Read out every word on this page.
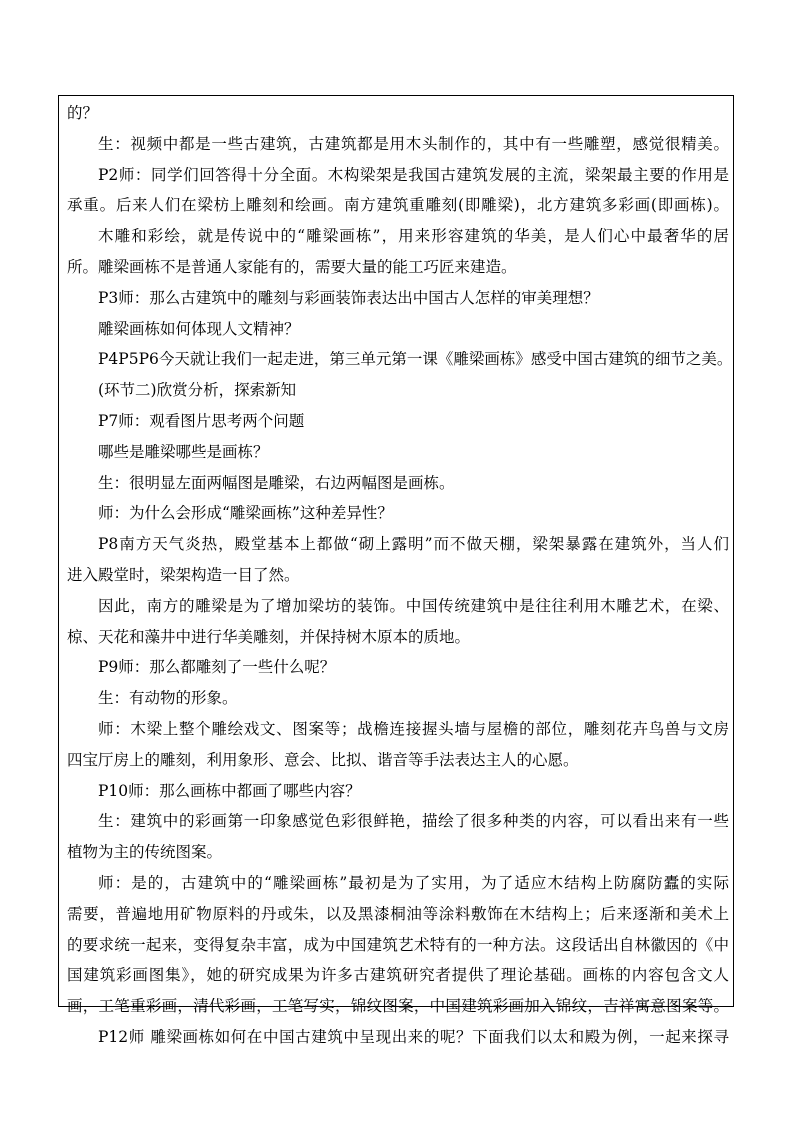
的？
生：视频中都是一些古建筑，古建筑都是用木头制作的，其中有一些雕塑，感觉很精美。
P2师：同学们回答得十分全面。木构梁架是我国古建筑发展的主流，梁架最主要的作用是
承重。后来人们在梁枋上雕刻和绘画。南方建筑重雕刻(即雕梁)，北方建筑多彩画(即画栋)。
木雕和彩绘，就是传说中的“雕梁画栋”，用来形容建筑的华美，是人们心中最奢华的居
所。雕梁画栋不是普通人家能有的，需要大量的能工巧匠来建造。
P3师：那么古建筑中的雕刻与彩画装饰表达出中国古人怎样的审美理想？
雕梁画栋如何体现人文精神？
P4P5P6今天就让我们一起走进，第三单元第一课《雕梁画栋》感受中国古建筑的细节之美。
(环节二)欣赏分析，探索新知
P7师：观看图片思考两个问题
哪些是雕梁哪些是画栋？
生：很明显左面两幅图是雕梁，右边两幅图是画栋。
师：为什么会形成“雕梁画栋”这种差异性？
P8南方天气炎热，殿堂基本上都做“砌上露明”而不做天棚，梁架暴露在建筑外，当人们
进入殿堂时，梁架构造一目了然。
因此，南方的雕梁是为了增加梁坊的装饰。中国传统建筑中是往往利用木雕艺术，在梁、
椋、天花和藻井中进行华美雕刻，并保持树木原本的质地。
P9师：那么都雕刻了一些什么呢？
生：有动物的形象。
师：木梁上整个雕绘戏文、图案等；战檐连接握头墙与屋檐的部位，雕刻花卉鸟兽与文房
四宝厅房上的雕刻，利用象形、意会、比拟、谐音等手法表达主人的心愿。
P10师：那么画栋中都画了哪些内容？
生：建筑中的彩画第一印象感觉色彩很鲜艳，描绘了很多种类的内容，可以看出来有一些
植物为主的传统图案。
师：是的，古建筑中的“雕梁画栋”最初是为了实用，为了适应木结构上防腐防蠹的实际
需要，普遍地用矿物原料的丹或朱，以及黑漆桐油等涂料敷饰在木结构上；后来逐渐和美术上
的要求统一起来，变得复杂丰富，成为中国建筑艺术特有的一种方法。这段话出自林徽因的《中
国建筑彩画图集》，她的研究成果为许多古建筑研究者提供了理论基础。画栋的内容包含文人
画，工笔重彩画，清代彩画，工笔写实，锦纹图案，中国建筑彩画加入锦纹，吉祥寓意图案等。
P12师 雕梁画栋如何在中国古建筑中呈现出来的呢？下面我们以太和殿为例，一起来探寻
